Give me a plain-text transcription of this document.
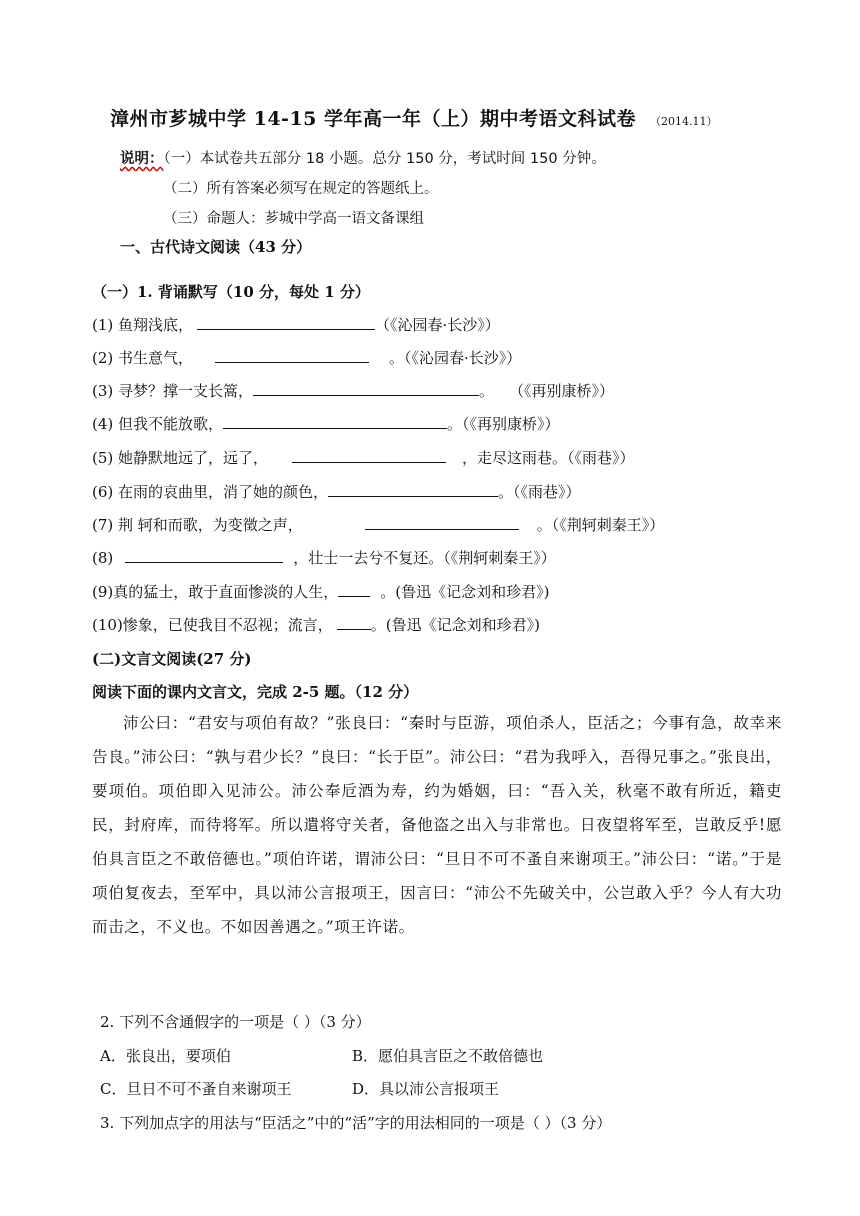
漳州市芗城中学 14-15 学年高一年（上）期中考语文科试卷 （2014.11）
说明：（一）本试卷共五部分 18 小题。总分 150 分，考试时间 150 分钟。
（二）所有答案必须写在规定的答题纸上。
（三）命题人：芗城中学高一语文备课组
一、古代诗文阅读（43 分）
（一）1. 背诵默写（10 分，每处 1 分）
(1) 鱼翔浅底，	（《沁园春·长沙》）
(2) 书生意气，	。（《沁园春·长沙》）
(3) 寻梦？撑一支长篙，	。　　（《再别康桥》）
(4) 但我不能放歌，	。（《再别康桥》）
(5) 她静默地远了，远了，	，走尽这雨巷。（《雨巷》）
(6) 在雨的哀曲里，消了她的颜色，	。（《雨巷》）
(7) 荆 轲和而歌，为变徵之声，	。（《荆轲刺秦王》）
(8)	，壮士一去兮不复还。（《荆轲刺秦王》）
(9)真的猛士，敢于直面惨淡的人生，	。(鲁迅《记念刘和珍君》)
(10)惨象，已使我目不忍视；流言，	。(鲁迅《记念刘和珍君》)
(二)文言文阅读(27 分)
阅读下面的课内文言文，完成 2-5 题。（12 分）

沛公曰：“君安与项伯有故？”张良曰：“秦时与臣游，项伯杀人，臣活之；今事有急，故幸来告良。”沛公曰：“孰与君少长？”良曰：“长于臣”。沛公曰：“君为我呼入，吾得兄事之。”张良出，要项伯。项伯即入见沛公。沛公奉卮酒为寿，约为婚姻，曰：“吾入关，秋毫不敢有所近，籍吏民，封府库，而待将军。所以遣将守关者，备他盗之出入与非常也。日夜望将军至，岂敢反乎!愿伯具言臣之不敢倍德也。”项伯许诺，谓沛公曰：“旦日不可不蚤自来谢项王。”沛公曰：“诺。”于是项伯复夜去，至军中，具以沛公言报项王，因言曰：“沛公不先破关中，公岂敢入乎？今人有大功而击之，不义也。不如因善遇之。”项王许诺。

2. 下列不含通假字的一项是（ ）（3 分）
A．张良出，要项伯	B．愿伯具言臣之不敢倍德也
C．旦日不可不蚤自来谢项王	D．具以沛公言报项王
3. 下列加点字的用法与“臣活之”中的“活”字的用法相同的一项是（ ）（3 分）
